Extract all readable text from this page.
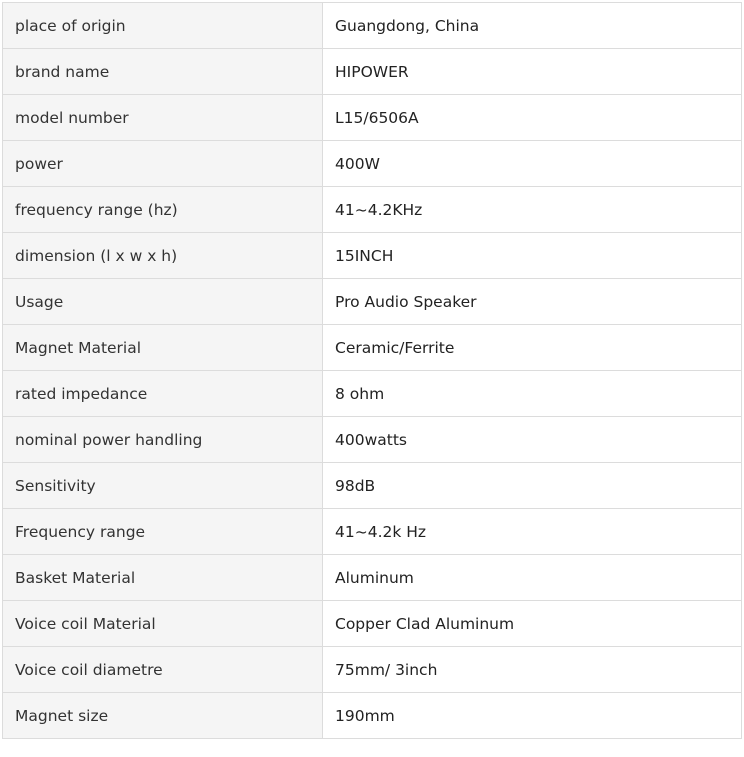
place of origin	Guangdong, China
brand name	HIPOWER
model number	L15/6506A
power	400W
frequency range (hz)	41~4.2KHz
dimension (l x w x h)	15INCH
Usage	Pro Audio Speaker
Magnet Material	Ceramic/Ferrite
rated impedance	8 ohm
nominal power handling	400watts
Sensitivity	98dB
Frequency range	41~4.2k Hz
Basket Material	Aluminum
Voice coil Material	Copper Clad Aluminum
Voice coil diametre	75mm/ 3inch
Magnet size	190mm
